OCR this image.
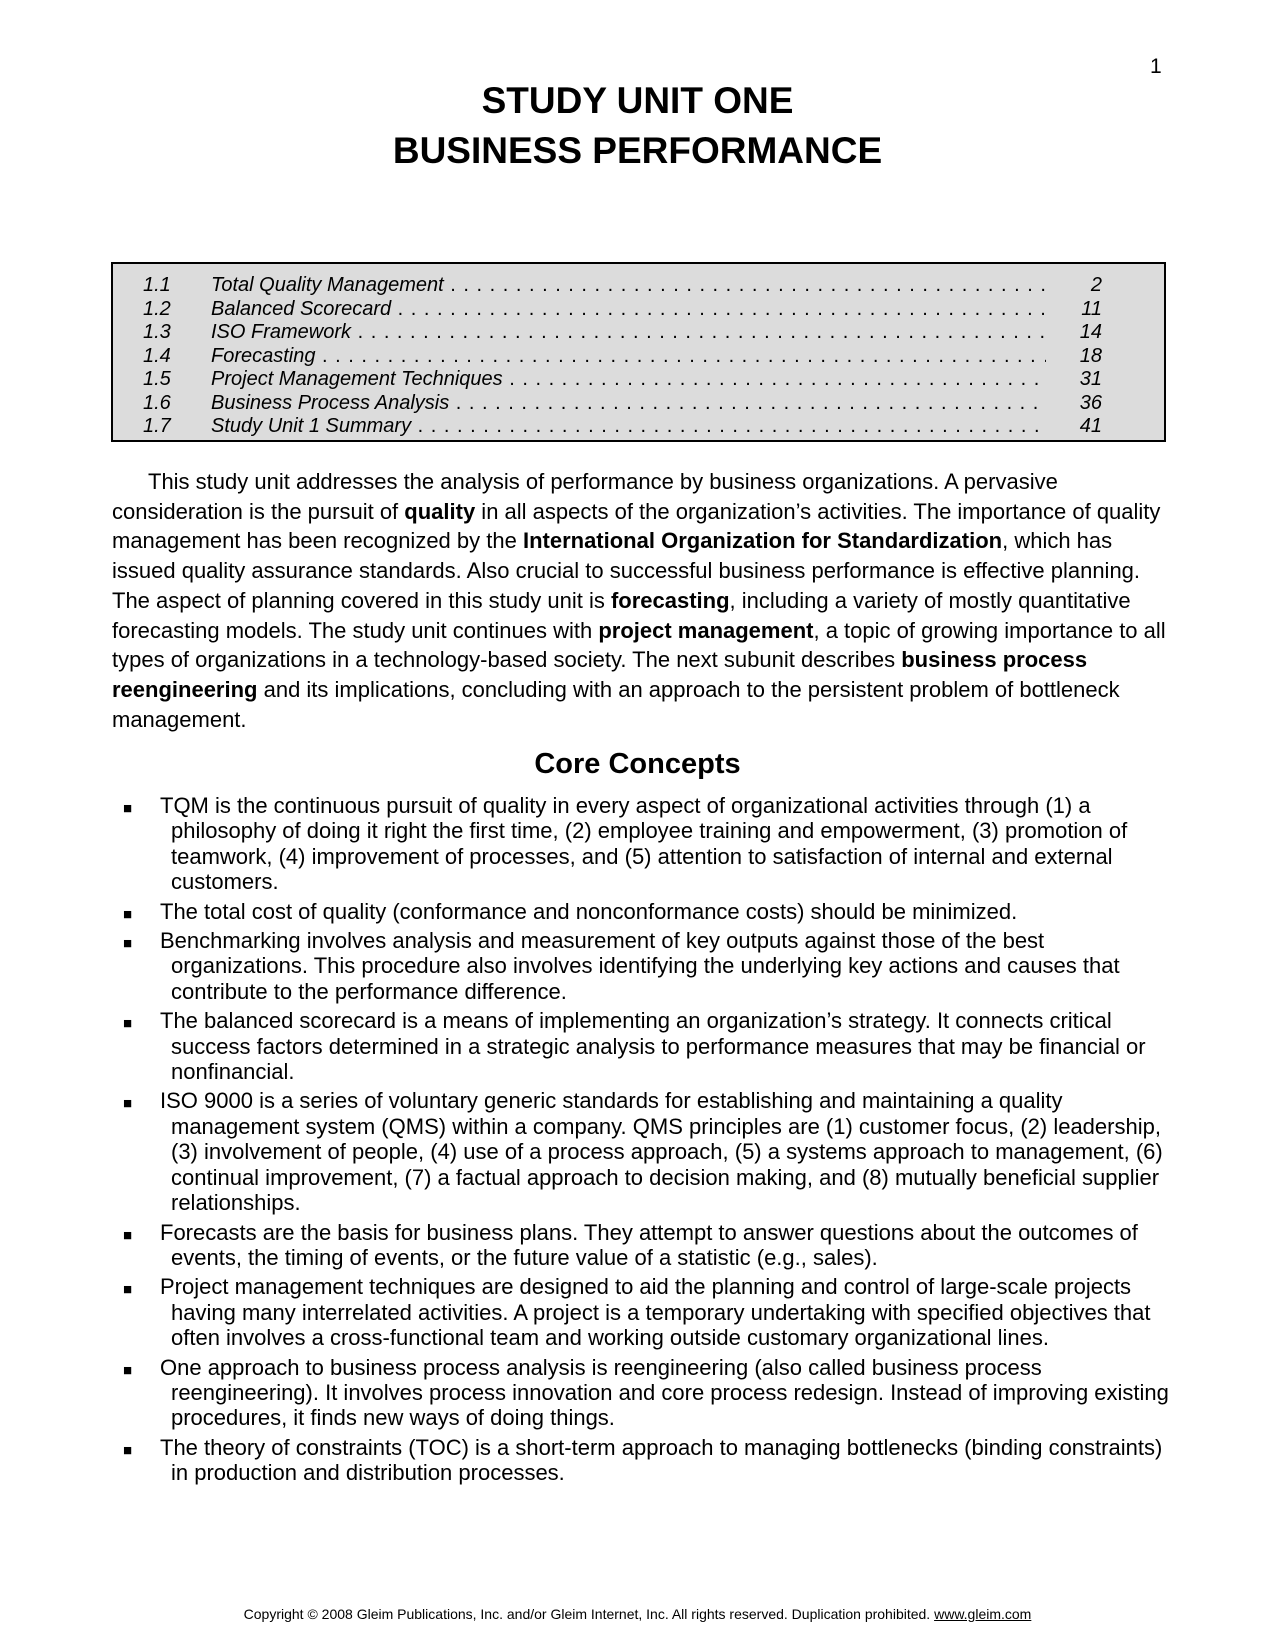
1
STUDY UNIT ONE
BUSINESS PERFORMANCE
1.1 Total Quality Management . . .	2
1.2 Balanced Scorecard . . .	11
1.3 ISO Framework . . .	14
1.4 Forecasting . . .	18
1.5 Project Management Techniques . . .	31
1.6 Business Process Analysis . . .	36
1.7 Study Unit 1 Summary . . .	41

This study unit addresses the analysis of performance by business organizations. A pervasive consideration is the pursuit of quality in all aspects of the organization’s activities. The importance of quality management has been recognized by the International Organization for Standardization, which has issued quality assurance standards. Also crucial to successful business performance is effective planning. The aspect of planning covered in this study unit is forecasting, including a variety of mostly quantitative forecasting models. The study unit continues with project management, a topic of growing importance to all types of organizations in a technology-based society. The next subunit describes business process reengineering and its implications, concluding with an approach to the persistent problem of bottleneck management.

Core Concepts
■ TQM is the continuous pursuit of quality in every aspect of organizational activities through (1) a philosophy of doing it right the first time, (2) employee training and empowerment, (3) promotion of teamwork, (4) improvement of processes, and (5) attention to satisfaction of internal and external customers.
■ The total cost of quality (conformance and nonconformance costs) should be minimized.
■ Benchmarking involves analysis and measurement of key outputs against those of the best organizations. This procedure also involves identifying the underlying key actions and causes that contribute to the performance difference.
■ The balanced scorecard is a means of implementing an organization’s strategy. It connects critical success factors determined in a strategic analysis to performance measures that may be financial or nonfinancial.
■ ISO 9000 is a series of voluntary generic standards for establishing and maintaining a quality management system (QMS) within a company. QMS principles are (1) customer focus, (2) leadership, (3) involvement of people, (4) use of a process approach, (5) a systems approach to management, (6) continual improvement, (7) a factual approach to decision making, and (8) mutually beneficial supplier relationships.
■ Forecasts are the basis for business plans. They attempt to answer questions about the outcomes of events, the timing of events, or the future value of a statistic (e.g., sales).
■ Project management techniques are designed to aid the planning and control of large-scale projects having many interrelated activities. A project is a temporary undertaking with specified objectives that often involves a cross-functional team and working outside customary organizational lines.
■ One approach to business process analysis is reengineering (also called business process reengineering). It involves process innovation and core process redesign. Instead of improving existing procedures, it finds new ways of doing things.
■ The theory of constraints (TOC) is a short-term approach to managing bottlenecks (binding constraints) in production and distribution processes.
Copyright © 2008 Gleim Publications, Inc. and/or Gleim Internet, Inc. All rights reserved. Duplication prohibited. www.gleim.com
